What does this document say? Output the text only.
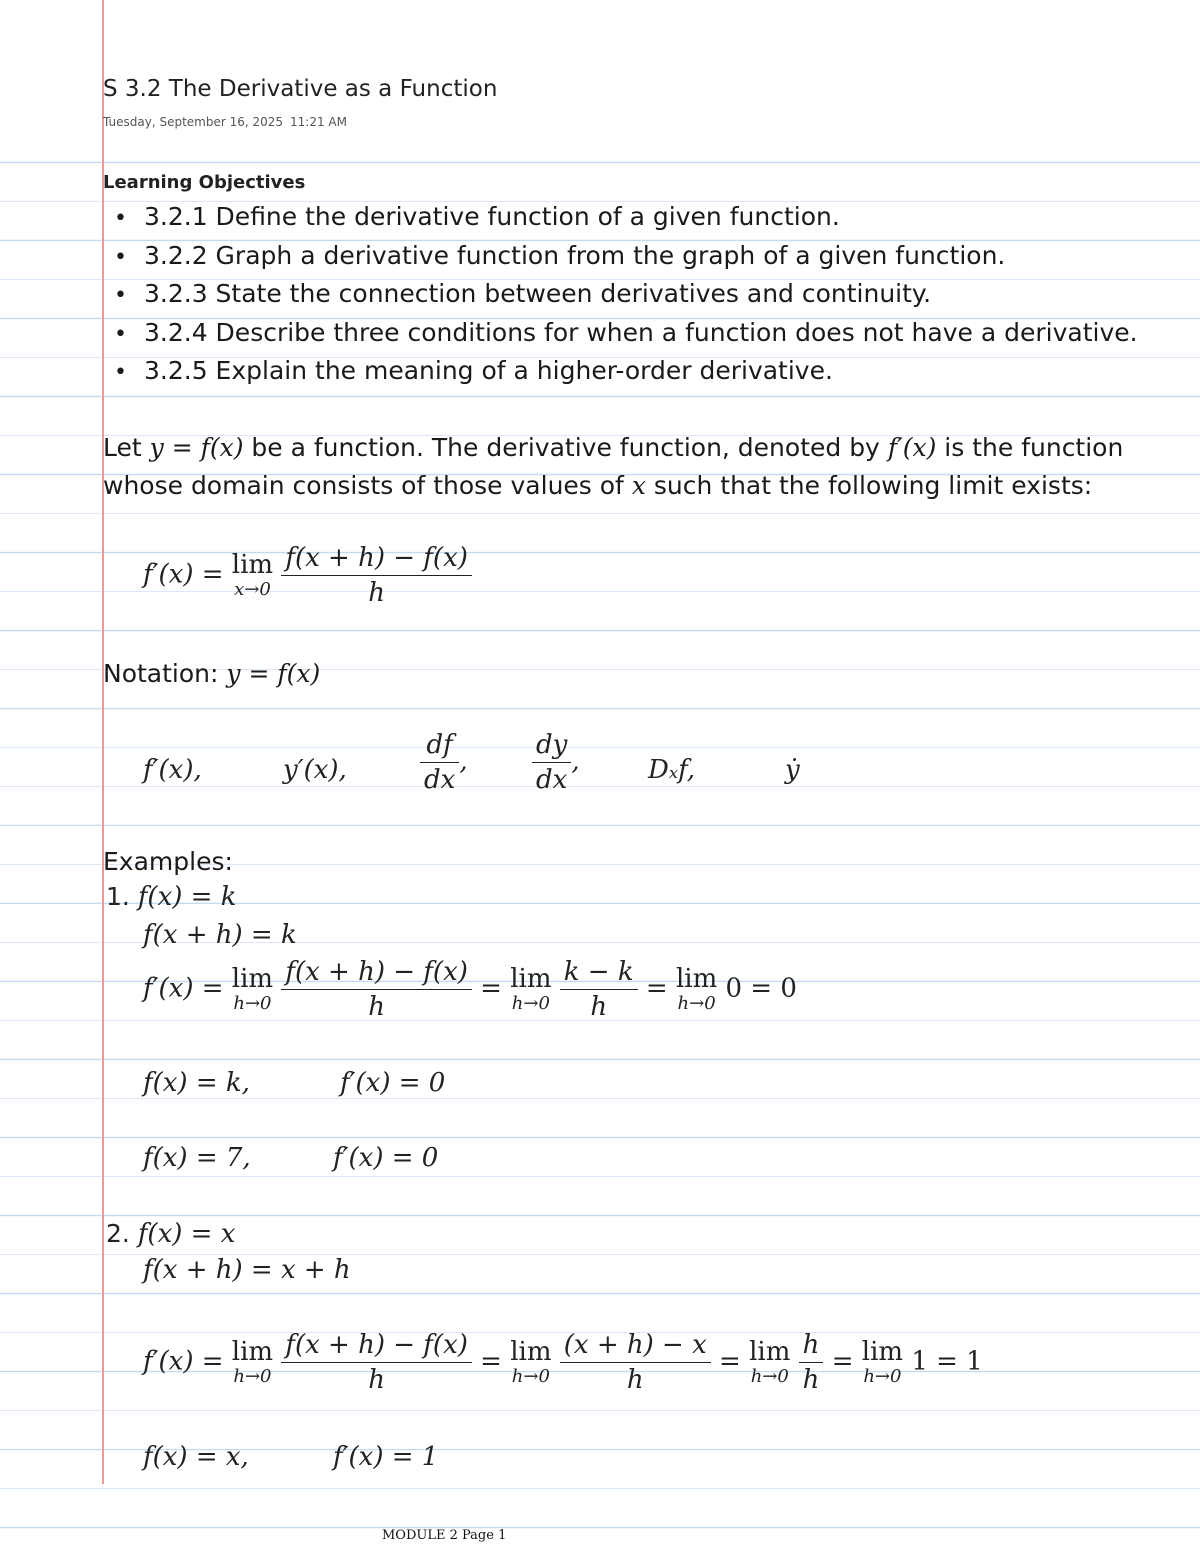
S 3.2 The Derivative as a Function
Tuesday, September 16, 2025 11:21 AM
Learning Objectives
• 3.2.1 Define the derivative function of a given function.
• 3.2.2 Graph a derivative function from the graph of a given function.
• 3.2.3 State the connection between derivatives and continuity.
• 3.2.4 Describe three conditions for when a function does not have a derivative.
• 3.2.5 Explain the meaning of a higher-order derivative.
Let y = f(x) be a function. The derivative function, denoted by f′(x) is the function
whose domain consists of those values of x such that the following limit exists:
f′(x) = lim
x→0
$\frac{f(x + h) - f(x)}{h}$
Notation: y = f(x)
f′(x),	y′(x),	$\frac{df}{dx}$ , $\frac{dy}{dx}$ ,	Dₓf,	ẏ
Examples:
1. f(x) = k
f(x + h) = k
f′(x) = lim
h→0
$\frac{f(x + h) - f(x)}{h} = \lim$
h→0
$\frac{k - k}{h} = \lim$
h→0 0 = 0
f(x) = k,	f′(x) = 0
f(x) = 7,	f′(x) = 0
2. f(x) = x
f(x + h) = x + h
f′(x) = lim
h→0
$\frac{f(x + h) - f(x)}{h} = \lim$
h→0
$\frac{(x + h) - x}{h} = \lim$
h→0
$\frac{h}{h} = \lim$
h→0 1 = 1
f(x) = x,	f′(x) = 1
MODULE 2 Page 1
